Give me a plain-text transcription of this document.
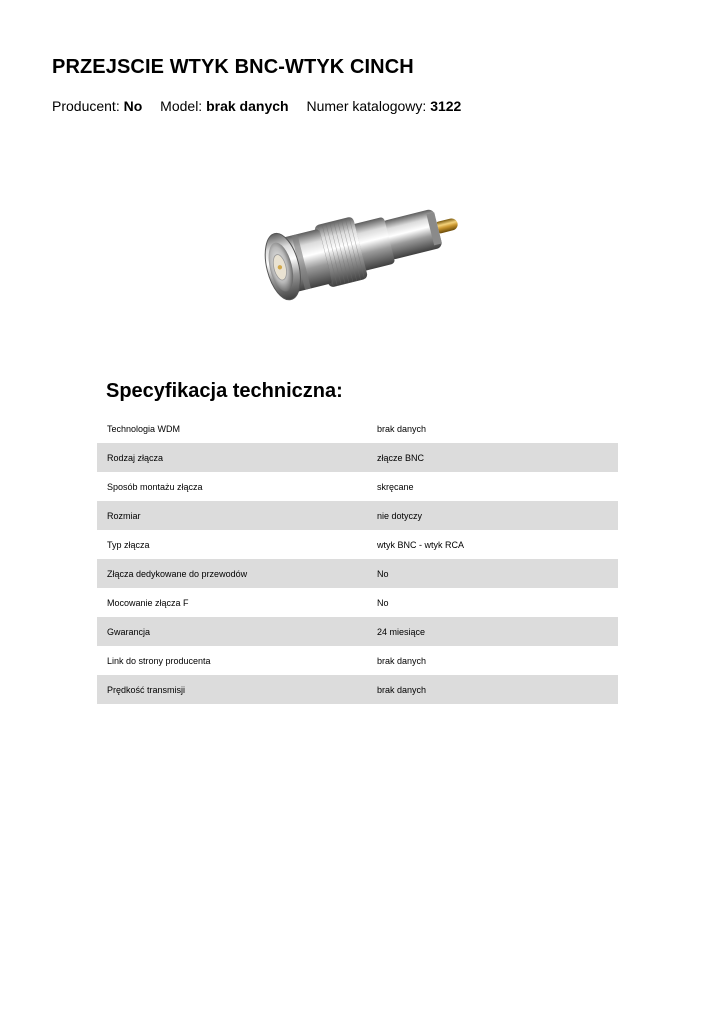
PRZEJSCIE WTYK BNC-WTYK CINCH
Producent: No Model: brak danych Numer katalogowy: 3122
Specyfikacja techniczna:
Technologia WDM	brak danych
Rodzaj złącza	złącze BNC
Sposób montażu złącza	skręcane
Rozmiar	nie dotyczy
Typ złącza	wtyk BNC - wtyk RCA
Złącza dedykowane do przewodów	No
Mocowanie złącza F	No
Gwarancja	24 miesiące
Link do strony producenta	brak danych
Prędkość transmisji	brak danych
